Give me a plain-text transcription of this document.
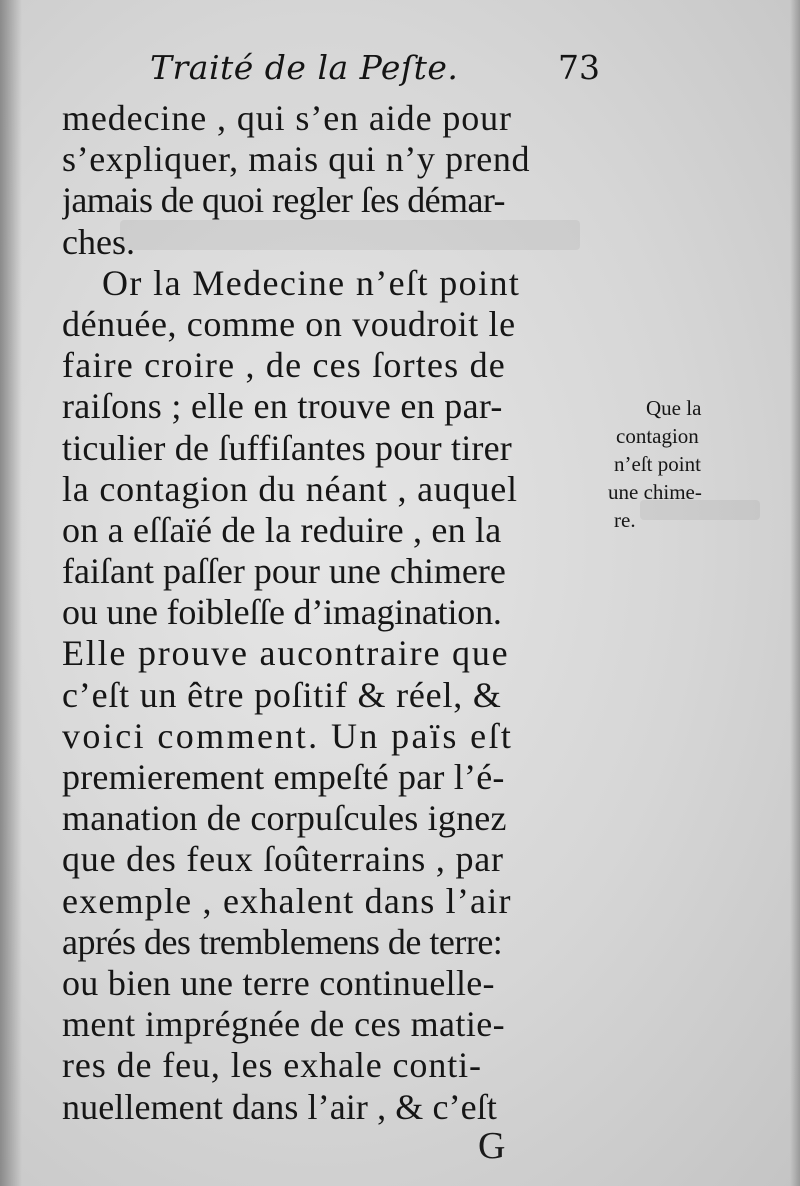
Traité de la Peſte.	73
medecine , qui s’en aide pour
s’expliquer, mais qui n’y prend
jamais de quoi regler ſes démar-
ches.
Or la Medecine n’eſt point
dénuée, comme on voudroit le
faire croire , de ces ſortes de
raiſons ; elle en trouve en par-
ticulier de ſuffiſantes pour tirer
la contagion du néant , auquel
on a eſſaïé de la reduire , en la
faiſant paſſer pour une chimere
ou une foibleſſe d’imagination.
Elle prouve aucontraire que
c’eſt un être poſitif & réel, &
voici comment. Un païs eſt
premierement empeſté par l’é-
manation de corpuſcules ignez
que des feux ſoûterrains , par
exemple , exhalent dans l’air
aprés des tremblemens de terre:
ou bien une terre continuelle-
ment imprégnée de ces matie-
res de feu, les exhale conti-
nuellement dans l’air , & c’eſt
Que la
contagion
n’eſt point
une chime-
re.
G
